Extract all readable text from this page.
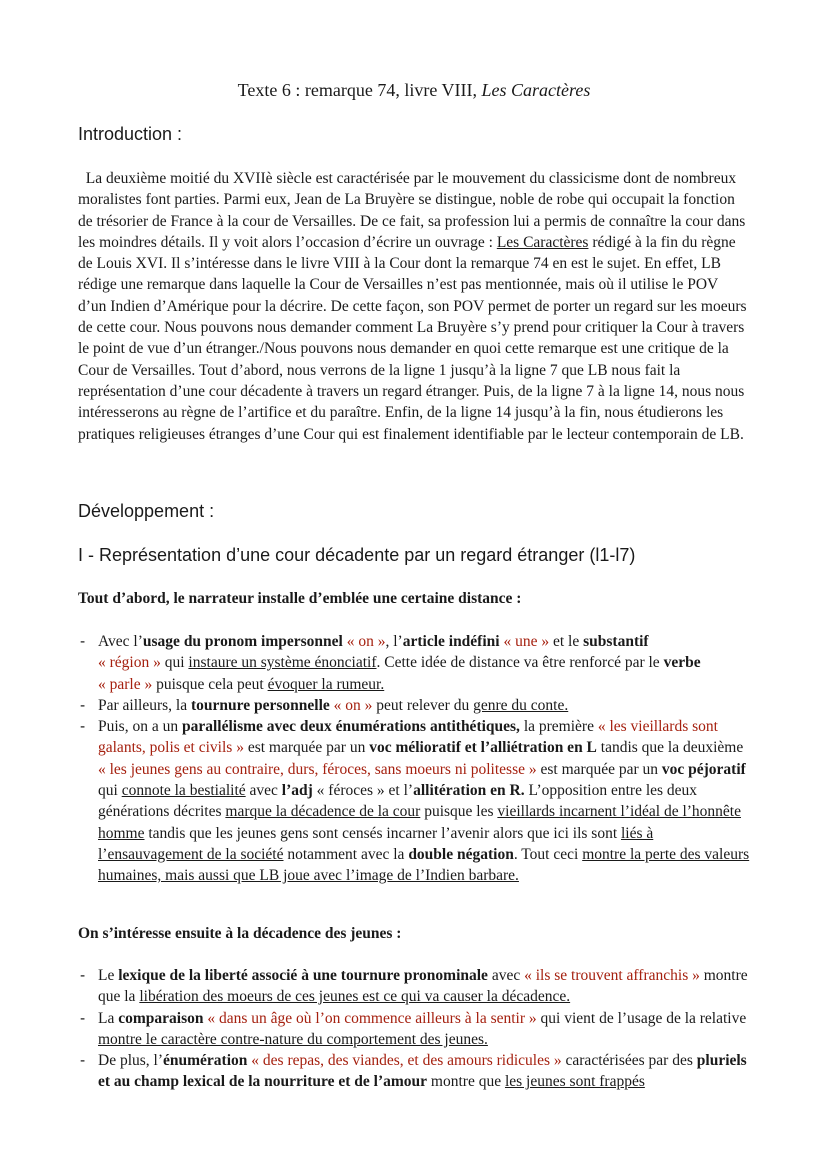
Texte 6 : remarque 74, livre VIII, Les Caractères
Introduction :
La deuxième moitié du XVIIè siècle est caractérisée par le mouvement du classicisme dont de nombreux moralistes font parties. Parmi eux, Jean de La Bruyère se distingue, noble de robe qui occupait la fonction de trésorier de France à la cour de Versailles. De ce fait, sa profession lui a permis de connaître la cour dans les moindres détails. Il y voit alors l’occasion d’écrire un ouvrage : Les Caractères rédigé à la fin du règne de Louis XVI. Il s’intéresse dans le livre VIII à la Cour dont la remarque 74 en est le sujet. En effet, LB rédige une remarque dans laquelle la Cour de Versailles n’est pas mentionnée, mais où il utilise le POV d’un Indien d’Amérique pour la décrire. De cette façon, son POV permet de porter un regard sur les moeurs de cette cour. Nous pouvons nous demander comment La Bruyère s’y prend pour critiquer la Cour à travers le point de vue d’un étranger./Nous pouvons nous demander en quoi cette remarque est une critique de la Cour de Versailles. Tout d’abord, nous verrons de la ligne 1 jusqu’à la ligne 7 que LB nous fait la représentation d’une cour décadente à travers un regard étranger. Puis, de la ligne 7 à la ligne 14, nous nous intéresserons au règne de l’artifice et du paraître. Enfin, de la ligne 14 jusqu’à la fin, nous étudierons les pratiques religieuses étranges d’une Cour qui est finalement identifiable par le lecteur contemporain de LB.
Développement :
I - Représentation d’une cour décadente par un regard étranger (l1-l7)
Tout d’abord, le narrateur installe d’emblée une certaine distance :
- Avec l’usage du pronom impersonnel « on », l’article indéfini « une » et le substantif
« région » qui instaure un système énonciatif. Cette idée de distance va être renforcé par le verbe
« parle » puisque cela peut évoquer la rumeur.
- Par ailleurs, la tournure personnelle « on » peut relever du genre du conte.
- Puis, on a un parallélisme avec deux énumérations antithétiques, la première « les vieillards sont galants, polis et civils » est marquée par un voc mélioratif et l’alliétration en L tandis que la deuxième « les jeunes gens au contraire, durs, féroces, sans moeurs ni politesse » est marquée par un voc péjoratif qui connote la bestialité avec l’adj « féroces » et l’allitération en R. L’opposition entre les deux générations décrites marque la décadence de la cour puisque les vieillards incarnent l’idéal de l’honnête homme tandis que les jeunes gens sont censés incarner l’avenir alors que ici ils sont liés à l’ensauvagement de la société notamment avec la double négation. Tout ceci montre la perte des valeurs humaines, mais aussi que LB joue avec l’image de l’Indien barbare.
On s’intéresse ensuite à la décadence des jeunes :
- Le lexique de la liberté associé à une tournure pronominale avec « ils se trouvent affranchis » montre que la libération des moeurs de ces jeunes est ce qui va causer la décadence.
- La comparaison « dans un âge où l’on commence ailleurs à la sentir » qui vient de l’usage de la relative montre le caractère contre-nature du comportement des jeunes.
- De plus, l’énumération « des repas, des viandes, et des amours ridicules » caractérisées par des pluriels et au champ lexical de la nourriture et de l’amour montre que les jeunes sont frappés
